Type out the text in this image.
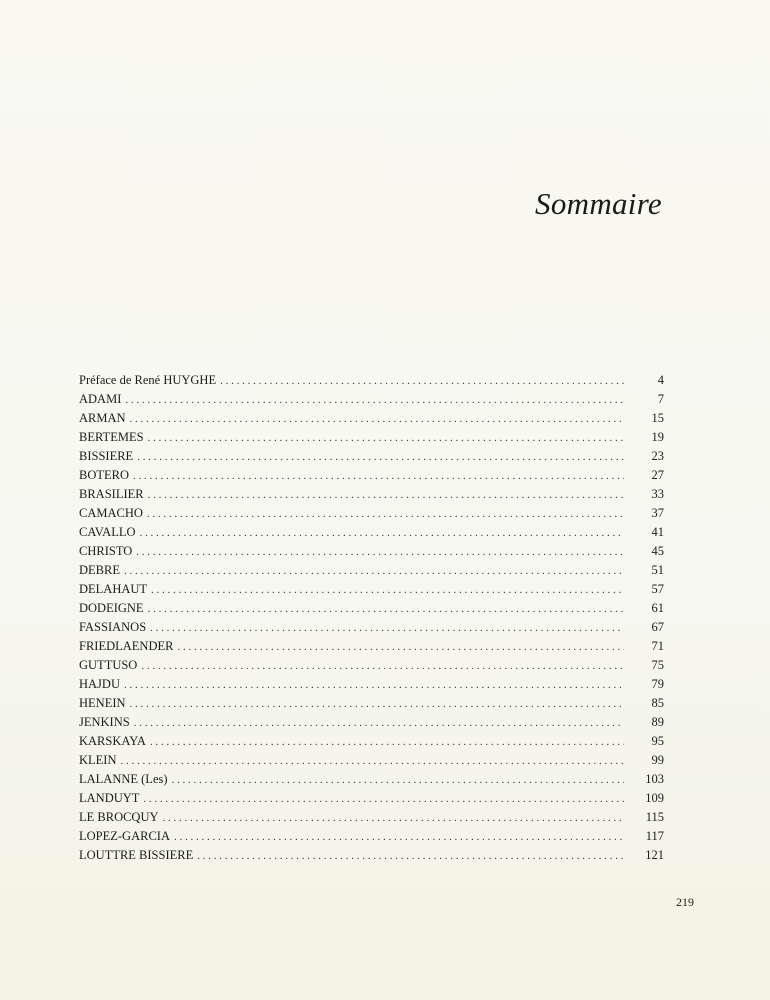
Sommaire
Préface de René HUYGHE . . .	4
ADAMI . . .	7
ARMAN . . .	15
BERTEMES . . .	19
BISSIERE . . .	23
BOTERO . . .	27
BRASILIER . . .	33
CAMACHO . . .	37
CAVALLO . . .	41
CHRISTO . . .	45
DEBRE . . .	51
DELAHAUT . . .	57
DODEIGNE . . .	61
FASSIANOS . . .	67
FRIEDLAENDER . . .	71
GUTTUSO . . .	75
HAJDU . . .	79
HENEIN . . .	85
JENKINS . . .	89
KARSKAYA . . .	95
KLEIN . . .	99
LALANNE (Les) . . .	103
LANDUYT . . .	109
LE BROCQUY . . .	115
LOPEZ-GARCIA . . .	117
LOUTTRE BISSIERE . . .	121
219
